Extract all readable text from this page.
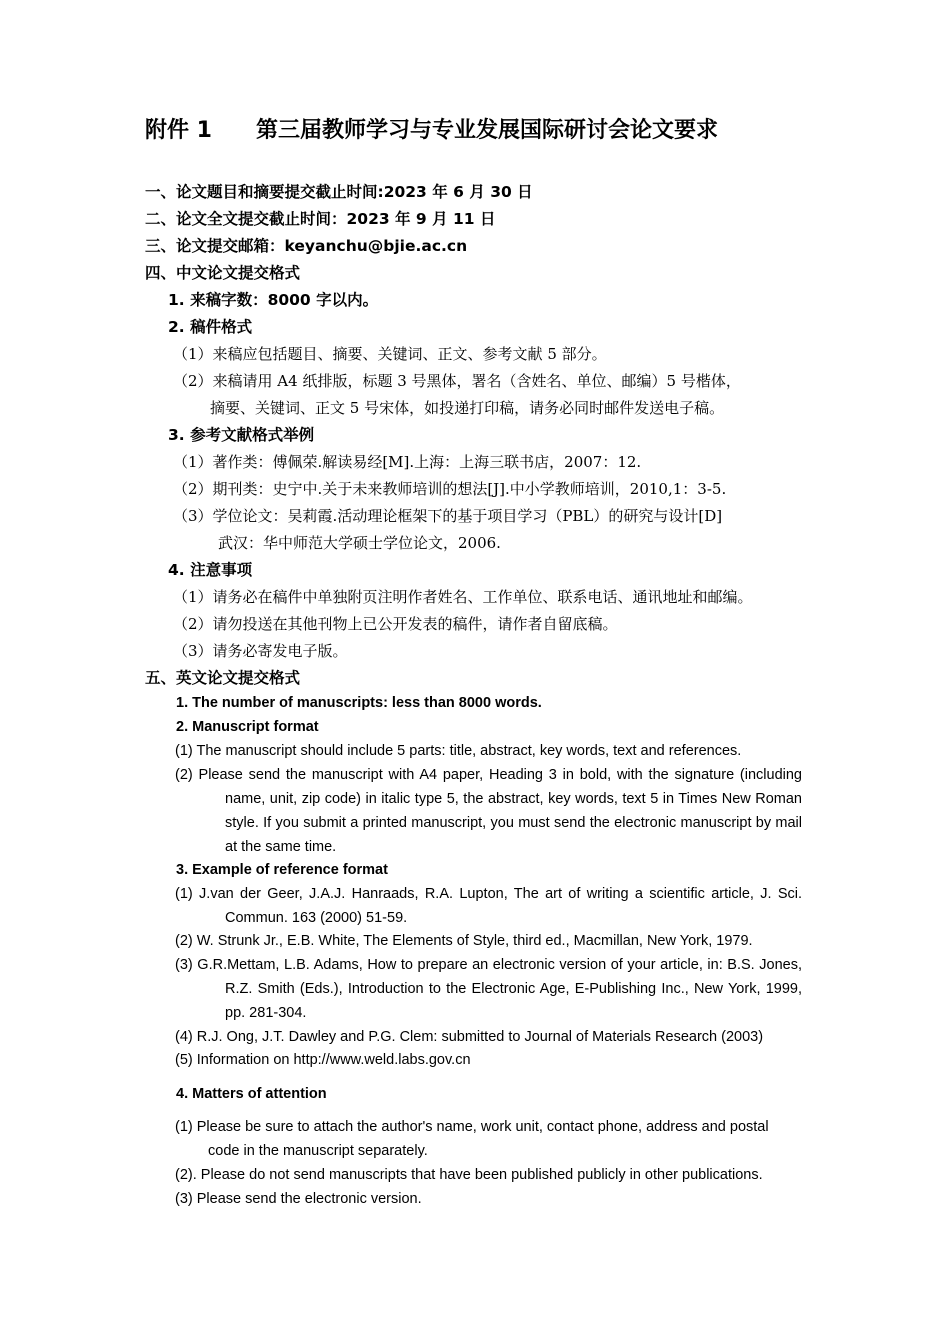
附件 1 第三届教师学习与专业发展国际研讨会论文要求
一、论文题目和摘要提交截止时间:2023 年 6 月 30 日
二、论文全文提交截止时间：2023 年 9 月 11 日
三、论文提交邮箱：keyanchu@bjie.ac.cn
四、中文论文提交格式
1. 来稿字数：8000 字以内。
2. 稿件格式
（1）来稿应包括题目、摘要、关键词、正文、参考文献 5 部分。
（2）来稿请用 A4 纸排版，标题 3 号黑体，署名（含姓名、单位、邮编）5 号楷体，
摘要、关键词、正文 5 号宋体，如投递打印稿，请务必同时邮件发送电子稿。
3. 参考文献格式举例
（1）著作类：傅佩荣.解读易经[M].上海：上海三联书店，2007：12.
（2）期刊类：史宁中.关于未来教师培训的想法[J].中小学教师培训，2010,1：3-5.
（3）学位论文：吴莉霞.活动理论框架下的基于项目学习（PBL）的研究与设计[D]
武汉：华中师范大学硕士学位论文，2006.
4. 注意事项
（1）请务必在稿件中单独附页注明作者姓名、工作单位、联系电话、通讯地址和邮编。
（2）请勿投送在其他刊物上已公开发表的稿件，请作者自留底稿。
（3）请务必寄发电子版。
五、英文论文提交格式
1. The number of manuscripts: less than 8000 words.
2. Manuscript format
(1) The manuscript should include 5 parts: title, abstract, key words, text and references.
(2) Please send the manuscript with A4 paper, Heading 3 in bold, with the signature (including name, unit, zip code) in italic type 5, the abstract, key words, text 5 in Times New Roman style. If you submit a printed manuscript, you must send the electronic manuscript by mail at the same time.
3. Example of reference format
(1) J.van der Geer, J.A.J. Hanraads, R.A. Lupton, The art of writing a scientific article, J. Sci. Commun. 163 (2000) 51-59.
(2) W. Strunk Jr., E.B. White, The Elements of Style, third ed., Macmillan, New York, 1979.
(3) G.R.Mettam, L.B. Adams, How to prepare an electronic version of your article, in: B.S. Jones, R.Z. Smith (Eds.), Introduction to the Electronic Age, E-Publishing Inc., New York, 1999, pp. 281-304.
(4) R.J. Ong, J.T. Dawley and P.G. Clem: submitted to Journal of Materials Research (2003)
(5) Information on http://www.weld.labs.gov.cn
4. Matters of attention
(1) Please be sure to attach the author's name, work unit, contact phone, address and postal
code in the manuscript separately.
(2). Please do not send manuscripts that have been published publicly in other publications.
(3) Please send the electronic version.
